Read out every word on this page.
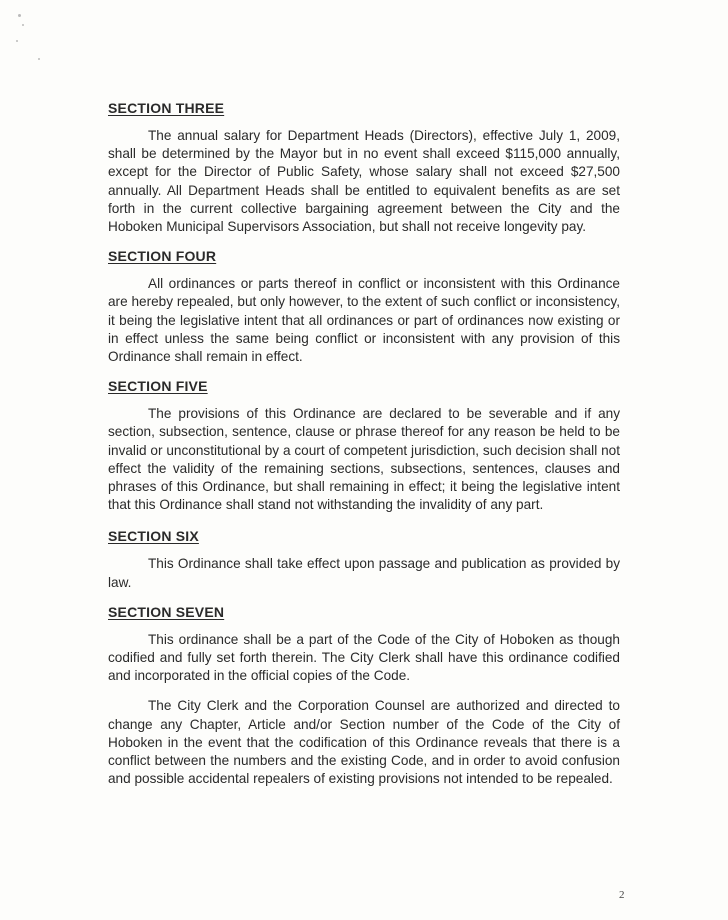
SECTION THREE

The annual salary for Department Heads (Directors), effective July 1, 2009, shall be determined by the Mayor but in no event shall exceed $115,000 annually, except for the Director of Public Safety, whose salary shall not exceed $27,500 annually. All Department Heads shall be entitled to equivalent benefits as are set forth in the current collective bargaining agreement between the City and the Hoboken Municipal Supervisors Association, but shall not receive longevity pay.

SECTION FOUR

All ordinances or parts thereof in conflict or inconsistent with this Ordinance are hereby repealed, but only however, to the extent of such conflict or inconsistency, it being the legislative intent that all ordinances or part of ordinances now existing or in effect unless the same being conflict or inconsistent with any provision of this Ordinance shall remain in effect.

SECTION FIVE

The provisions of this Ordinance are declared to be severable and if any section, subsection, sentence, clause or phrase thereof for any reason be held to be invalid or unconstitutional by a court of competent jurisdiction, such decision shall not effect the validity of the remaining sections, subsections, sentences, clauses and phrases of this Ordinance, but shall remaining in effect; it being the legislative intent that this Ordinance shall stand not withstanding the invalidity of any part.

SECTION SIX

This Ordinance shall take effect upon passage and publication as provided by law.

SECTION SEVEN

This ordinance shall be a part of the Code of the City of Hoboken as though codified and fully set forth therein. The City Clerk shall have this ordinance codified and incorporated in the official copies of the Code.

The City Clerk and the Corporation Counsel are authorized and directed to change any Chapter, Article and/or Section number of the Code of the City of Hoboken in the event that the codification of this Ordinance reveals that there is a conflict between the numbers and the existing Code, and in order to avoid confusion and possible accidental repealers of existing provisions not intended to be repealed.

2
